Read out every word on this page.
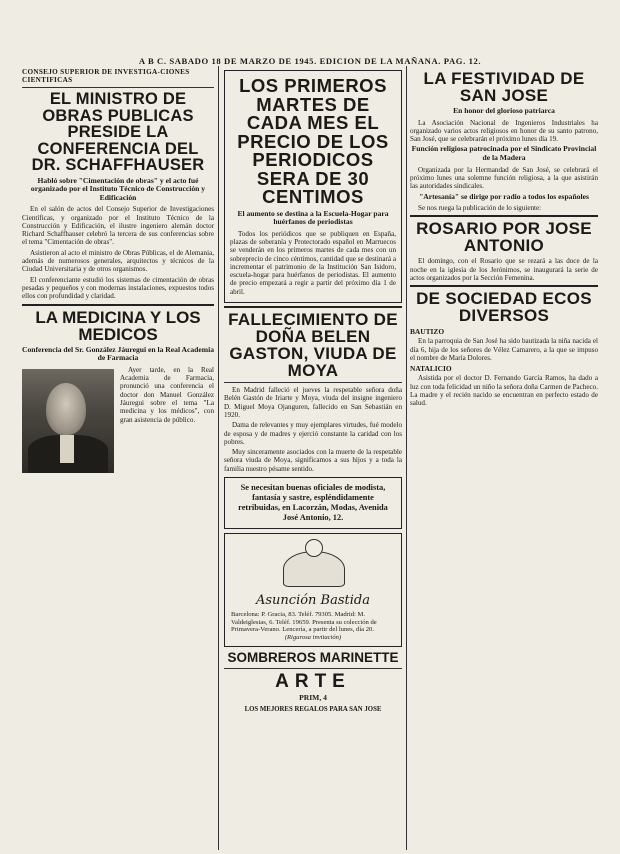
A B C. SABADO 18 DE MARZO DE 1945. EDICION DE LA MAÑANA. PAG. 12.
CONSEJO SUPERIOR DE INVESTIGA-CIONES CIENTIFICAS
EL MINISTRO DE OBRAS PUBLICAS PRESIDE LA CONFERENCIA DEL DR. SCHAFFHAUSER
Habló sobre "Cimentación de obras" y el acto fué organizado por el Instituto Técnico de Construcción y Edificación
En el salón de actos del Consejo Superior de Investigaciones Científicas, y organizado por el Instituto Técnico de la Construcción y Edificación, el ilustre ingeniero alemán doctor Richard Schaffhauser celebró la tercera de sus conferencias sobre el tema "Cimentación de obras".
Asistieron al acto el ministro de Obras Públicas, el de Alemania, además de numerosos generales, arquitectos y técnicos de la Ciudad Universitaria y de otros organismos.
El conferenciante estudió los sistemas de cimentación de obras pesadas y pequeños y con modernas instalaciones, expuestos todos ellos con profundidad y claridad.
LA MEDICINA Y LOS MEDICOS
Conferencia del Sr. González Jáuregui en la Real Academia de Farmacia
Ayer tarde, en la Real Academia de Farmacia, pronunció una conferencia el doctor don Manuel González Jáuregui sobre el tema "La medicina y los médicos", con gran asistencia de público.
LOS PRIMEROS MARTES DE CADA MES EL PRECIO DE LOS PERIODICOS SERA DE 30 CENTIMOS
El aumento se destina a la Escuela-Hogar para huérfanos de periodistas
Todos los periódicos que se publiquen en España, plazas de soberanía y Protectorado español en Marruecos se venderán en los primeros martes de cada mes con un sobreprecio de cinco céntimos, cantidad que se destinará a incrementar el patrimonio de la Institución San Isidoro, escuela-hogar para huérfanos de periodistas. El aumento de precio empezará a regir a partir del próximo día 1 de abril.
FALLECIMIENTO DE DOÑA BELEN GASTON, VIUDA DE MOYA
En Madrid falleció el jueves la respetable señora doña Belén Gastón de Iriarte y Moya, viuda del insigne ingeniero D. Miguel Moya Ojanguren, fallecido en San Sebastián en 1920.
Dama de relevantes y muy ejemplares virtudes, fué modelo de esposa y de madres y ejerció constante la caridad con los pobres.
Muy sinceramente asociados con la muerte de la respetable señora viuda de Moya, significamos a sus hijos y a toda la familia nuestro pésame sentido.
Se necesitan buenas oficiales de modista, fantasía y sastre, espléndidamente retribuidas, en Lacorzán, Modas, Avenida José Antonio, 12.
Asunción Bastida
Barcelona: P. Gracia, 83. Teléf. 79305. Madrid: M. Valdeiglesias, 6. Teléf. 19659. Presenta su colección de Primavera-Verano. Lencería, a partir del lunes, día 20.
(Rigurosa invitación)
SOMBREROS MARINETTE
ARTE
PRIM, 4
LOS MEJORES REGALOS PARA SAN JOSE
LA FESTIVIDAD DE SAN JOSE
En honor del glorioso patriarca
La Asociación Nacional de Ingenieros Industriales ha organizado varios actos religiosos en honor de su santo patrono, San José, que se celebrarán el próximo lunes día 19.
Función religiosa patrocinada por el Sindicato Provincial de la Madera
Organizada por la Hermandad de San José, se celebrará el próximo lunes una solemne función religiosa, a la que asistirán las autoridades sindicales.
"Artesanía" se dirige por radio a todos los españoles
Se nos ruega la publicación de lo siguiente:
ROSARIO POR JOSE ANTONIO
El domingo, con el Rosario que se rezará a las doce de la noche en la iglesia de los Jerónimos, se inaugurará la serie de actos organizados por la Sección Femenina.
DE SOCIEDAD ECOS DIVERSOS
BAUTIZO
En la parroquia de San José ha sido bautizada la niña nacida el día 6, hija de los señores de Vélez Camarero, a la que se impuso el nombre de María Dolores.
NATALICIO
Asistida por el doctor D. Fernando García Ramos, ha dado a luz con toda felicidad un niño la señora doña Carmen de Pacheco. La madre y el recién nacido se encuentran en perfecto estado de salud.
